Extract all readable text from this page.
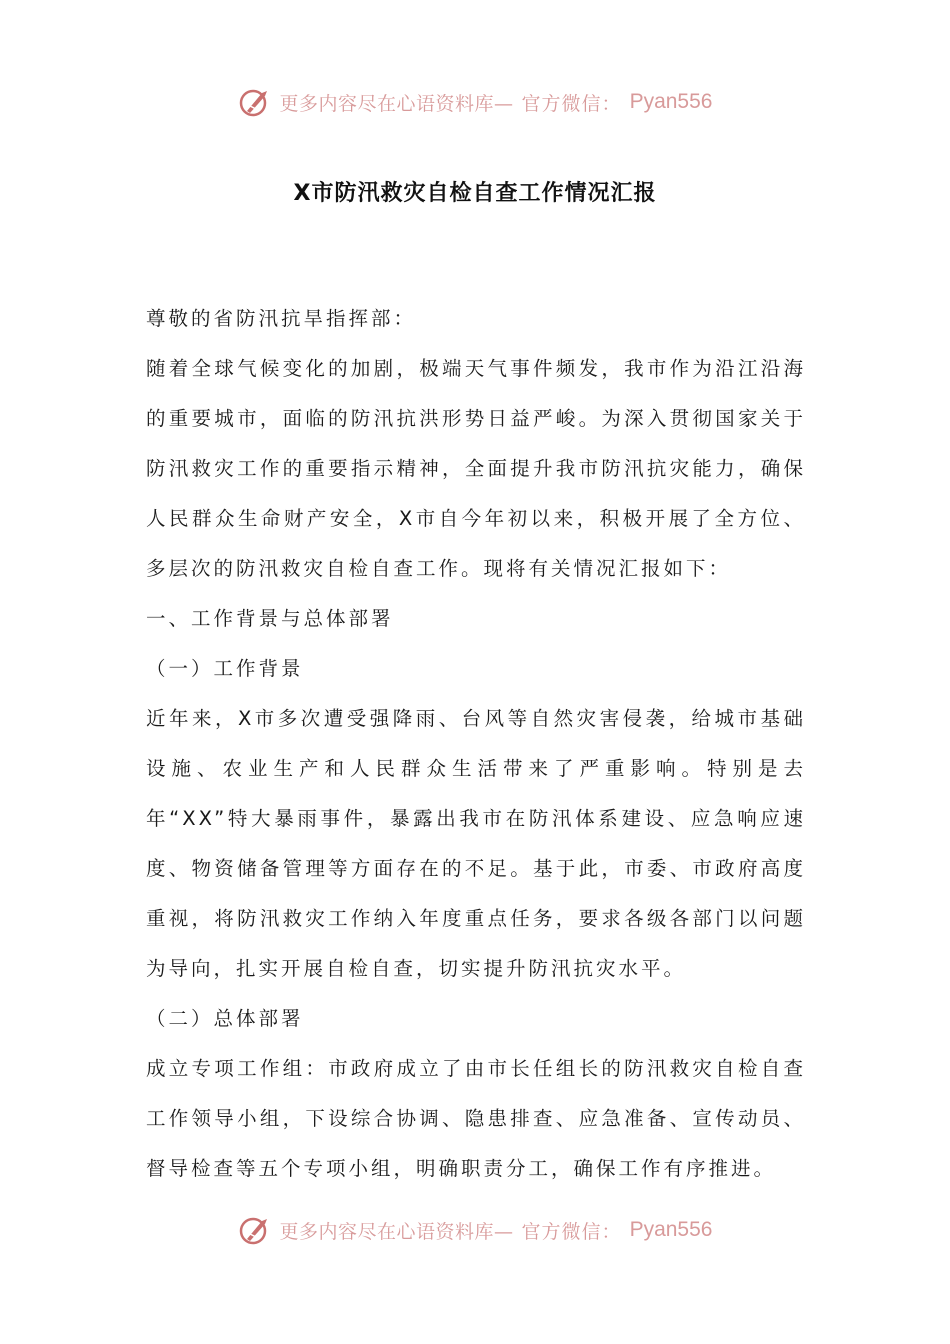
更多内容尽在心语资料库— 官方微信： Pyan556
X市防汛救灾自检自查工作情况汇报

尊敬的省防汛抗旱指挥部：

随着全球气候变化的加剧，极端天气事件频发，我市作为沿江沿海的重要城市，面临的防汛抗洪形势日益严峻。为深入贯彻国家关于防汛救灾工作的重要指示精神，全面提升我市防汛抗灾能力，确保人民群众生命财产安全，X市自今年初以来，积极开展了全方位、多层次的防汛救灾自检自查工作。现将有关情况汇报如下：

一、工作背景与总体部署

（一）工作背景

近年来，X市多次遭受强降雨、台风等自然灾害侵袭，给城市基础设施、农业生产和人民群众生活带来了严重影响。特别是去年“XX”特大暴雨事件，暴露出我市在防汛体系建设、应急响应速度、物资储备管理等方面存在的不足。基于此，市委、市政府高度重视，将防汛救灾工作纳入年度重点任务，要求各级各部门以问题为导向，扎实开展自检自查，切实提升防汛抗灾水平。

（二）总体部署

成立专项工作组：市政府成立了由市长任组长的防汛救灾自检自查工作领导小组，下设综合协调、隐患排查、应急准备、宣传动员、督导检查等五个专项小组，明确职责分工，确保工作有序推进。

更多内容尽在心语资料库— 官方微信： Pyan556
